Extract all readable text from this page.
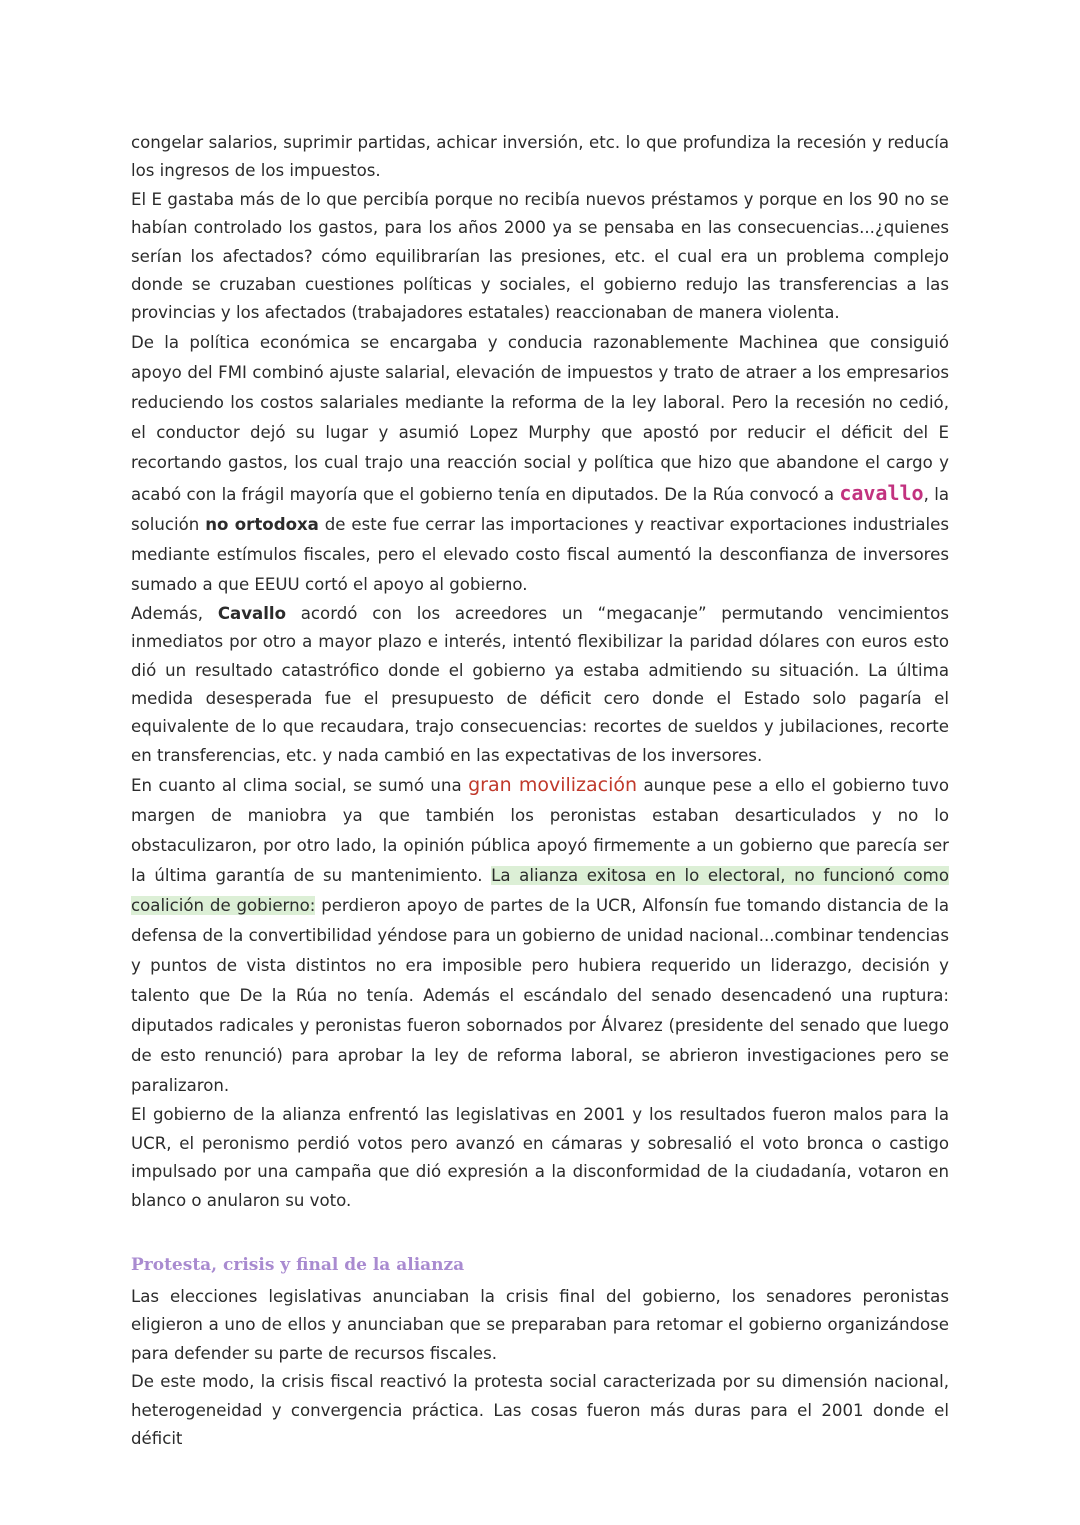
congelar salarios, suprimir partidas, achicar inversión, etc. lo que profundiza la recesión y reducía los ingresos de los impuestos.

El E gastaba más de lo que percibía porque no recibía nuevos préstamos y porque en los 90 no se habían controlado los gastos, para los años 2000 ya se pensaba en las consecuencias...¿quienes serían los afectados? cómo equilibrarían las presiones, etc. el cual era un problema complejo donde se cruzaban cuestiones políticas y sociales, el gobierno redujo las transferencias a las provincias y los afectados (trabajadores estatales) reaccionaban de manera violenta.

De la política económica se encargaba y conducia razonablemente Machinea que consiguió apoyo del FMI combinó ajuste salarial, elevación de impuestos y trato de atraer a los empresarios reduciendo los costos salariales mediante la reforma de la ley laboral. Pero la recesión no cedió, el conductor dejó su lugar y asumió Lopez Murphy que apostó por reducir el déficit del E recortando gastos, los cual trajo una reacción social y política que hizo que abandone el cargo y acabó con la frágil mayoría que el gobierno tenía en diputados. De la Rúa convocó a cavallo, la solución no ortodoxa de este fue cerrar las importaciones y reactivar exportaciones industriales mediante estímulos fiscales, pero el elevado costo fiscal aumentó la desconfianza de inversores sumado a que EEUU cortó el apoyo al gobierno.

Además, Cavallo acordó con los acreedores un “megacanje” permutando vencimientos inmediatos por otro a mayor plazo e interés, intentó flexibilizar la paridad dólares con euros esto dió un resultado catastrófico donde el gobierno ya estaba admitiendo su situación. La última medida desesperada fue el presupuesto de déficit cero donde el Estado solo pagaría el equivalente de lo que recaudara, trajo consecuencias: recortes de sueldos y jubilaciones, recorte en transferencias, etc. y nada cambió en las expectativas de los inversores.

En cuanto al clima social, se sumó una gran movilización aunque pese a ello el gobierno tuvo margen de maniobra ya que también los peronistas estaban desarticulados y no lo obstaculizaron, por otro lado, la opinión pública apoyó firmemente a un gobierno que parecía ser la última garantía de su mantenimiento. La alianza exitosa en lo electoral, no funcionó como coalición de gobierno: perdieron apoyo de partes de la UCR, Alfonsín fue tomando distancia de la defensa de la convertibilidad yéndose para un gobierno de unidad nacional...combinar tendencias y puntos de vista distintos no era imposible pero hubiera requerido un liderazgo, decisión y talento que De la Rúa no tenía. Además el escándalo del senado desencadenó una ruptura: diputados radicales y peronistas fueron sobornados por Álvarez (presidente del senado que luego de esto renunció) para aprobar la ley de reforma laboral, se abrieron investigaciones pero se paralizaron.

El gobierno de la alianza enfrentó las legislativas en 2001 y los resultados fueron malos para la UCR, el peronismo perdió votos pero avanzó en cámaras y sobresalió el voto bronca o castigo impulsado por una campaña que dió expresión a la disconformidad de la ciudadanía, votaron en blanco o anularon su voto.

Protesta, crisis y final de la alianza

Las elecciones legislativas anunciaban la crisis final del gobierno, los senadores peronistas eligieron a uno de ellos y anunciaban que se preparaban para retomar el gobierno organizándose para defender su parte de recursos fiscales.

De este modo, la crisis fiscal reactivó la protesta social caracterizada por su dimensión nacional, heterogeneidad y convergencia práctica. Las cosas fueron más duras para el 2001 donde el déficit
